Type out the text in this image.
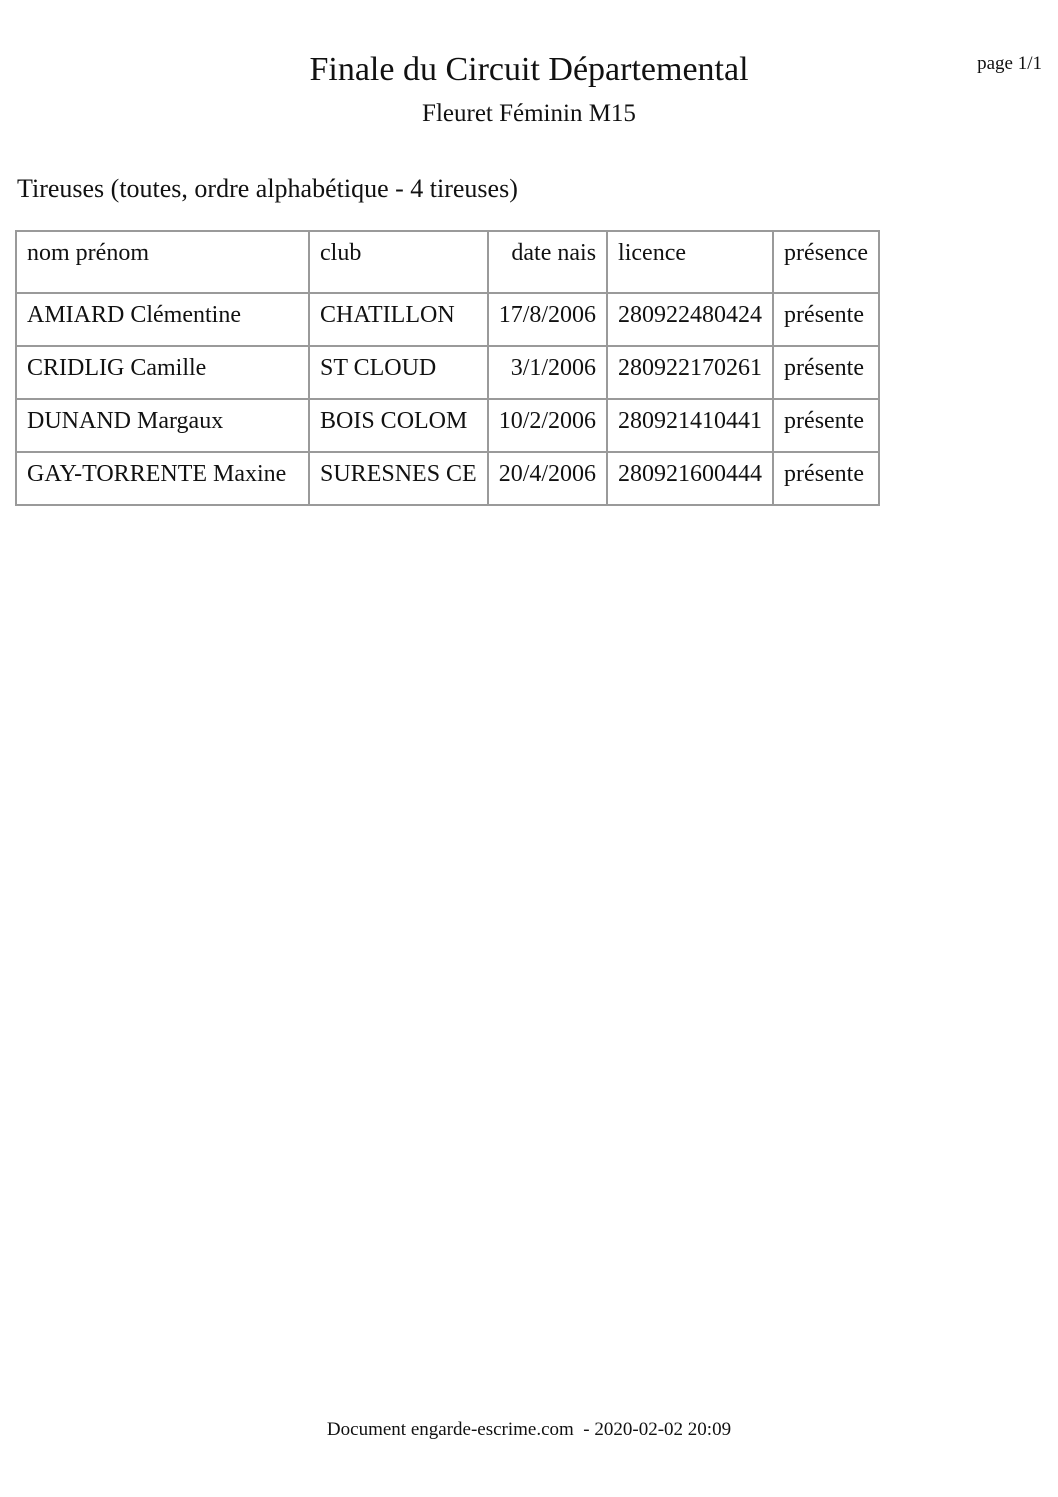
Finale du Circuit Départemental
Fleuret Féminin M15
page 1/1
Tireuses (toutes, ordre alphabétique - 4 tireuses)
nom prénom	club	date nais	licence	présence
AMIARD Clémentine	CHATILLON	17/8/2006	280922480424	présente
CRIDLIG Camille	ST CLOUD	3/1/2006	280922170261	présente
DUNAND Margaux	BOIS COLOM	10/2/2006	280921410441	présente
GAY-TORRENTE Maxine	SURESNES CE	20/4/2006	280921600444	présente
Document engarde-escrime.com  - 2020-02-02 20:09
